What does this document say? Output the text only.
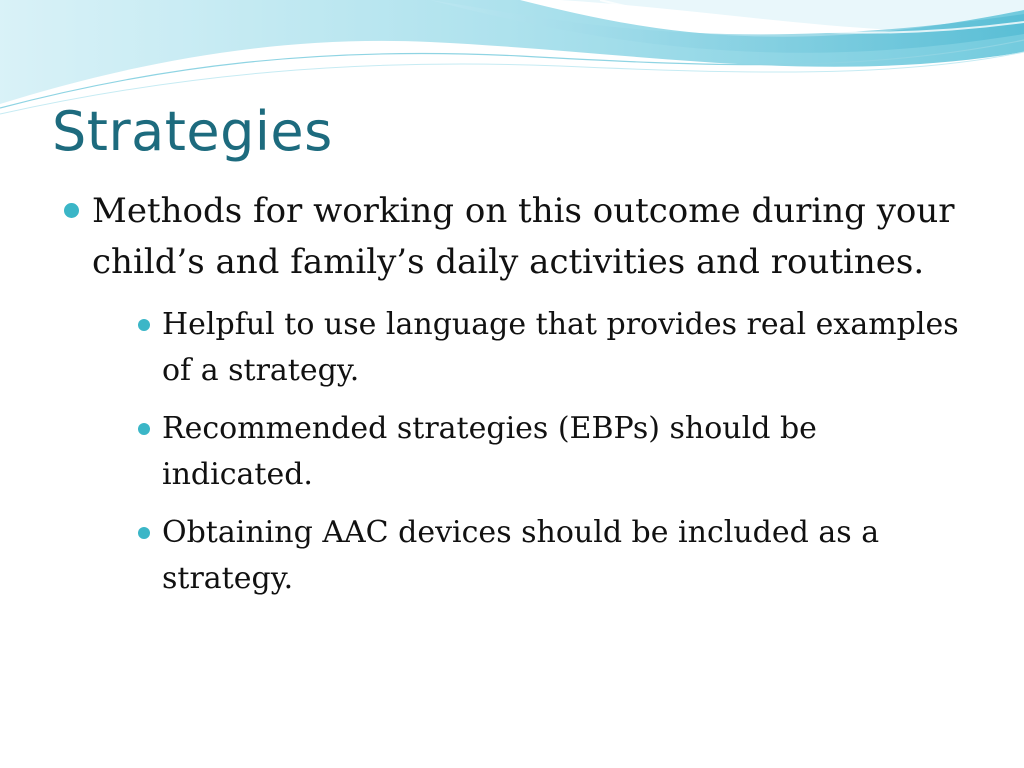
Strategies
Methods for working on this outcome during your child’s and family’s daily activities and routines.
Helpful to use language that provides real examples of a strategy.
Recommended strategies (EBPs) should be indicated.
Obtaining AAC devices should be included as a strategy.
